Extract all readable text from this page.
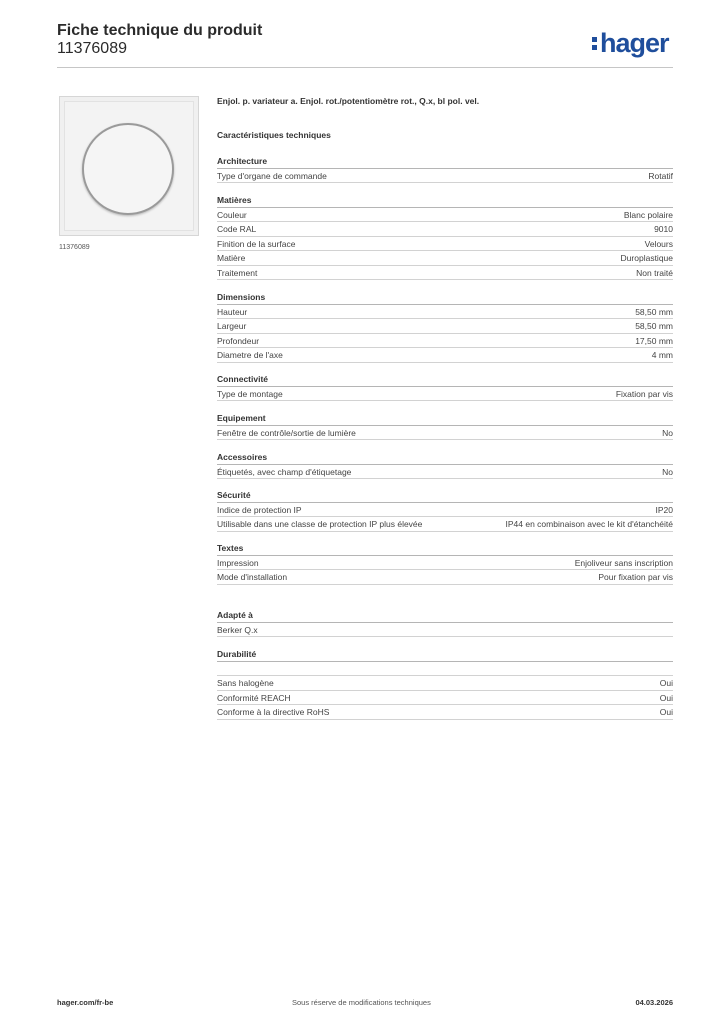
Fiche technique du produit
11376089	hager
11376089
Enjol. p. variateur a. Enjol. rot./potentiomètre rot., Q.x, bl pol. vel.
Caractéristiques techniques
Architecture
Type d'organe de commande	Rotatif
Matières
Couleur	Blanc polaire
Code RAL	9010
Finition de la surface	Velours
Matière	Duroplastique
Traitement	Non traité
Dimensions
Hauteur	58,50 mm
Largeur	58,50 mm
Profondeur	17,50 mm
Diametre de l'axe	4 mm
Connectivité
Type de montage	Fixation par vis
Equipement
Fenêtre de contrôle/sortie de lumière	No
Accessoires
Étiquetés, avec champ d'étiquetage	No
Sécurité
Indice de protection IP	IP20
Utilisable dans une classe de protection IP plus élevée	IP44 en combinaison avec le kit d'étanchéité
Textes
Impression	Enjoliveur sans inscription
Mode d'installation	Pour fixation par vis
Adapté à
Berker Q.x
Durabilité
Sans halogène	Oui
Conformité REACH	Oui
Conforme à la directive RoHS	Oui
hager.com/fr-be	Sous réserve de modifications techniques	04.03.2026
